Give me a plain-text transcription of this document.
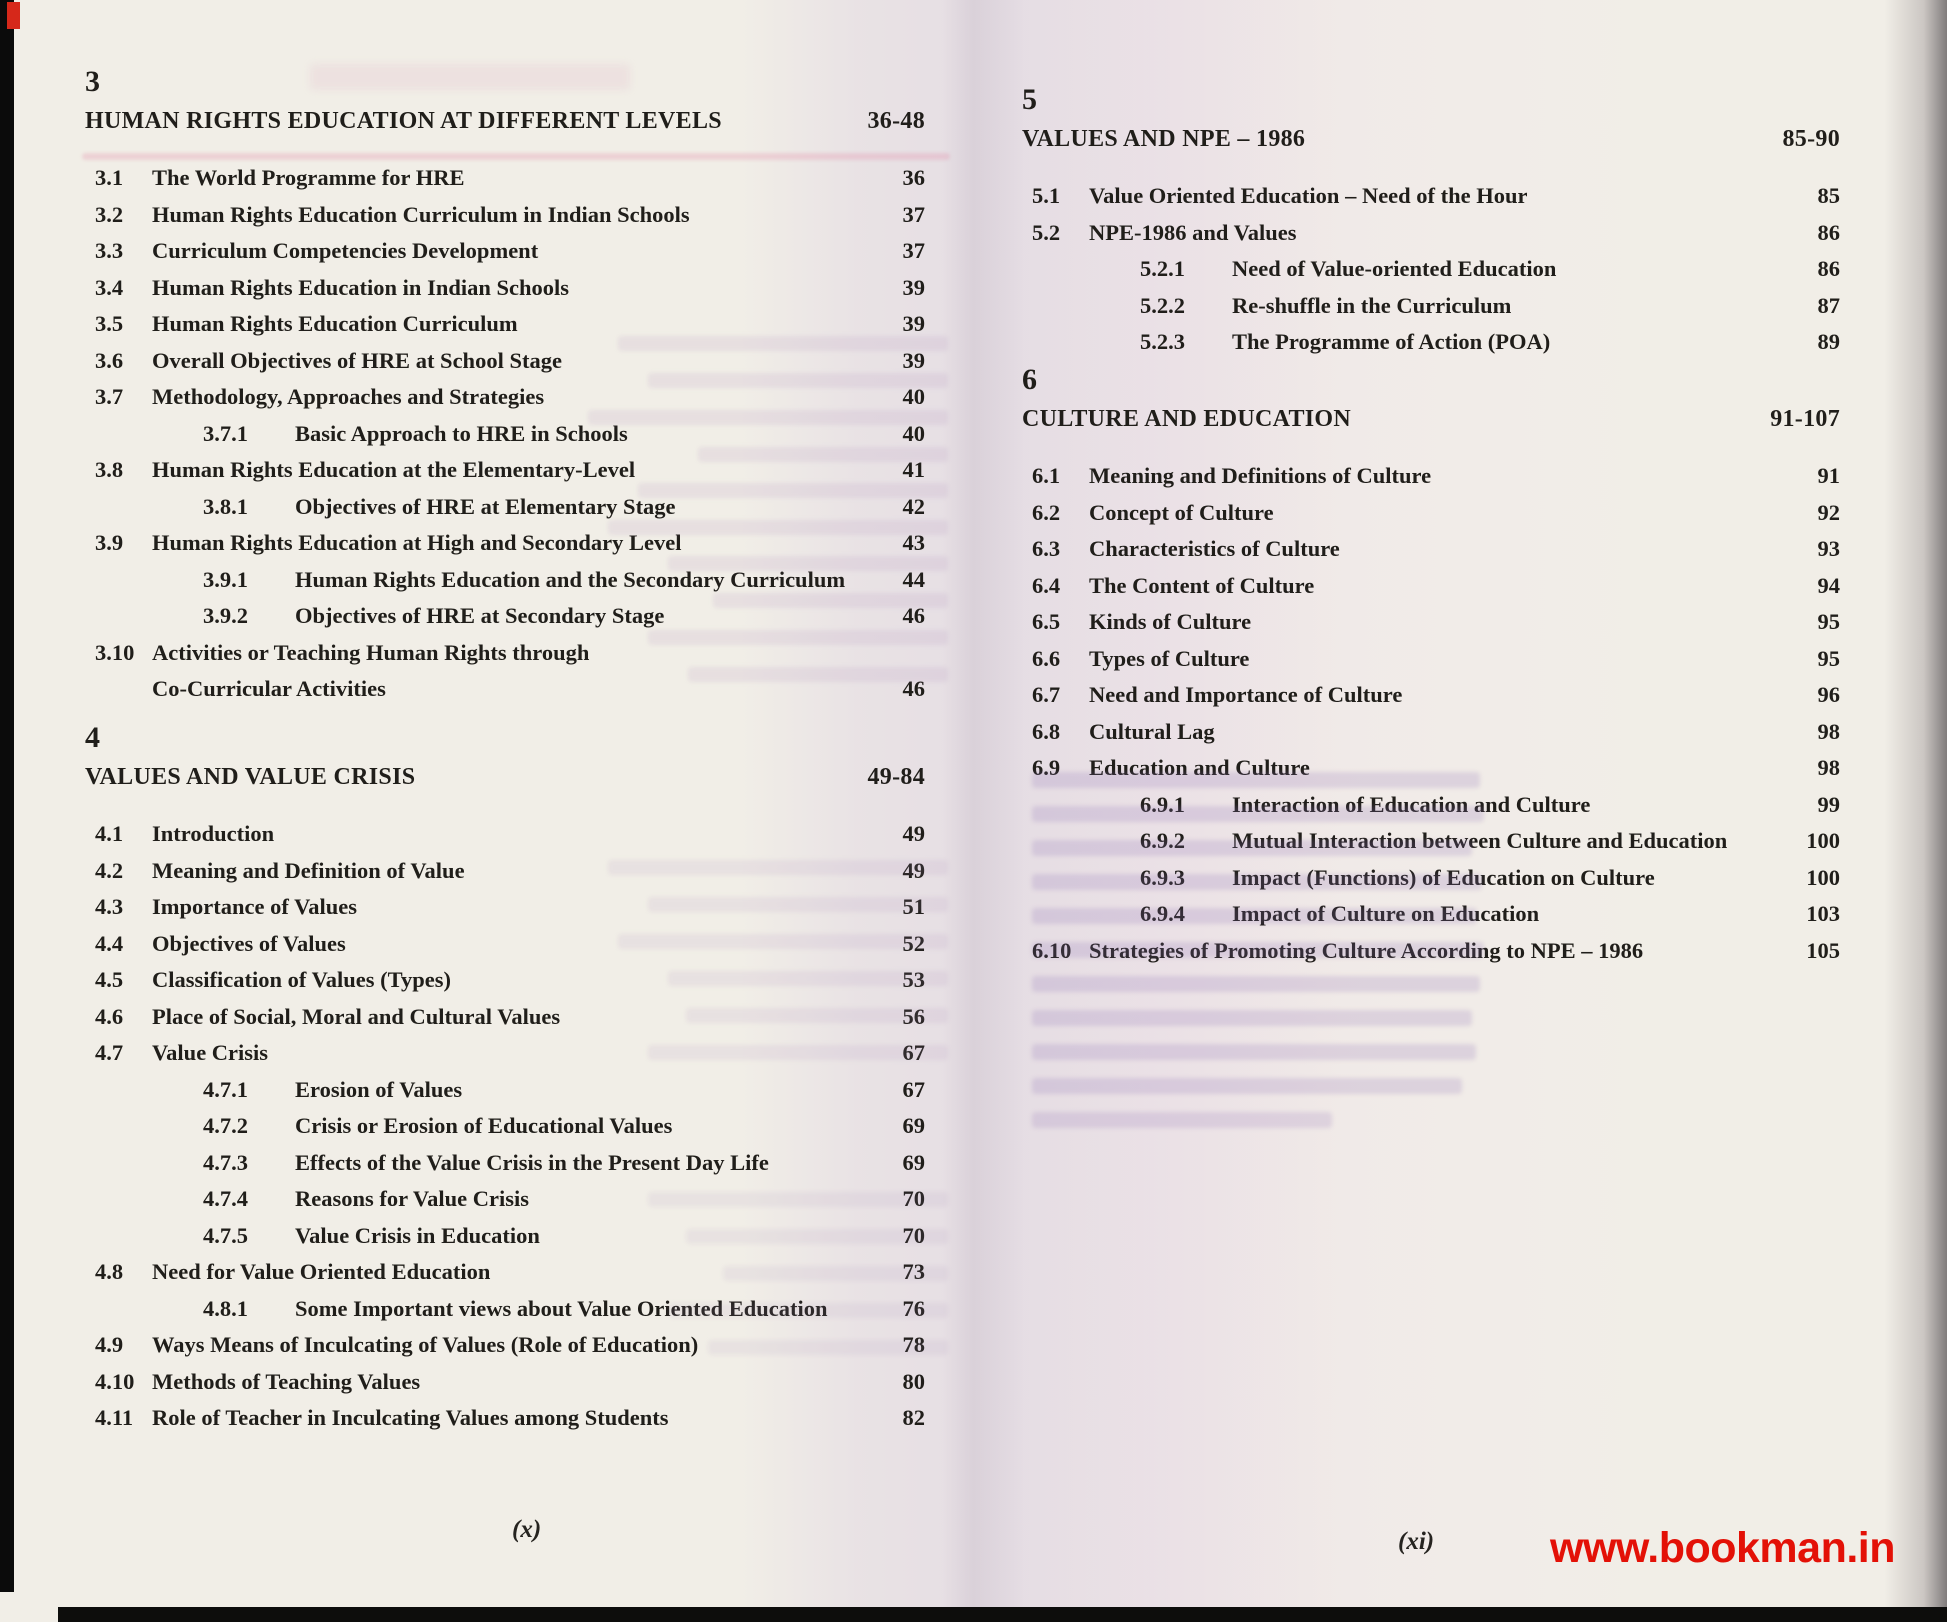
3
HUMAN RIGHTS EDUCATION AT DIFFERENT LEVELS	36-48
3.1	The World Programme for HRE	36
3.2	Human Rights Education Curriculum in Indian Schools	37
3.3	Curriculum Competencies Development	37
3.4	Human Rights Education in Indian Schools	39
3.5	Human Rights Education Curriculum	39
3.6	Overall Objectives of HRE at School Stage	39
3.7	Methodology, Approaches and Strategies	40
3.7.1	Basic Approach to HRE in Schools	40
3.8	Human Rights Education at the Elementary-Level	41
3.8.1	Objectives of HRE at Elementary Stage	42
3.9	Human Rights Education at High and Secondary Level	43
3.9.1	Human Rights Education and the Secondary Curriculum	44
3.9.2	Objectives of HRE at Secondary Stage	46
3.10 Activities or Teaching Human Rights through
Co-Curricular Activities	46
4
VALUES AND VALUE CRISIS	49-84
4.1	Introduction	49
4.2	Meaning and Definition of Value	49
4.3	Importance of Values	51
4.4	Objectives of Values	52
4.5	Classification of Values (Types)	53
4.6	Place of Social, Moral and Cultural Values	56
4.7	Value Crisis	67
4.7.1	Erosion of Values	67
4.7.2	Crisis or Erosion of Educational Values	69
4.7.3	Effects of the Value Crisis in the Present Day Life	69
4.7.4	Reasons for Value Crisis	70
4.7.5	Value Crisis in Education	70
4.8	Need for Value Oriented Education	73
4.8.1	Some Important views about Value Oriented Education	76
4.9	Ways Means of Inculcating of Values (Role of Education)	78
4.10 Methods of Teaching Values	80
4.11 Role of Teacher in Inculcating Values among Students	82
5
VALUES AND NPE – 1986	85-90
5.1	Value Oriented Education – Need of the Hour	85
5.2	NPE-1986 and Values	86
5.2.1	Need of Value-oriented Education	86
5.2.2	Re-shuffle in the Curriculum	87
5.2.3	The Programme of Action (POA)	89
6
CULTURE AND EDUCATION	91-107
6.1	Meaning and Definitions of Culture	91
6.2	Concept of Culture	92
6.3	Characteristics of Culture	93
6.4	The Content of Culture	94
6.5	Kinds of Culture	95
6.6	Types of Culture	95
6.7	Need and Importance of Culture	96
6.8	Cultural Lag	98
6.9	Education and Culture	98
6.9.1	Interaction of Education and Culture	99
6.9.2	Mutual Interaction between Culture and Education	100
6.9.3	Impact (Functions) of Education on Culture	100
6.9.4	Impact of Culture on Education	103
6.10 Strategies of Promoting Culture According to NPE – 1986	105
(x)	(xi)	www.bookman.in
